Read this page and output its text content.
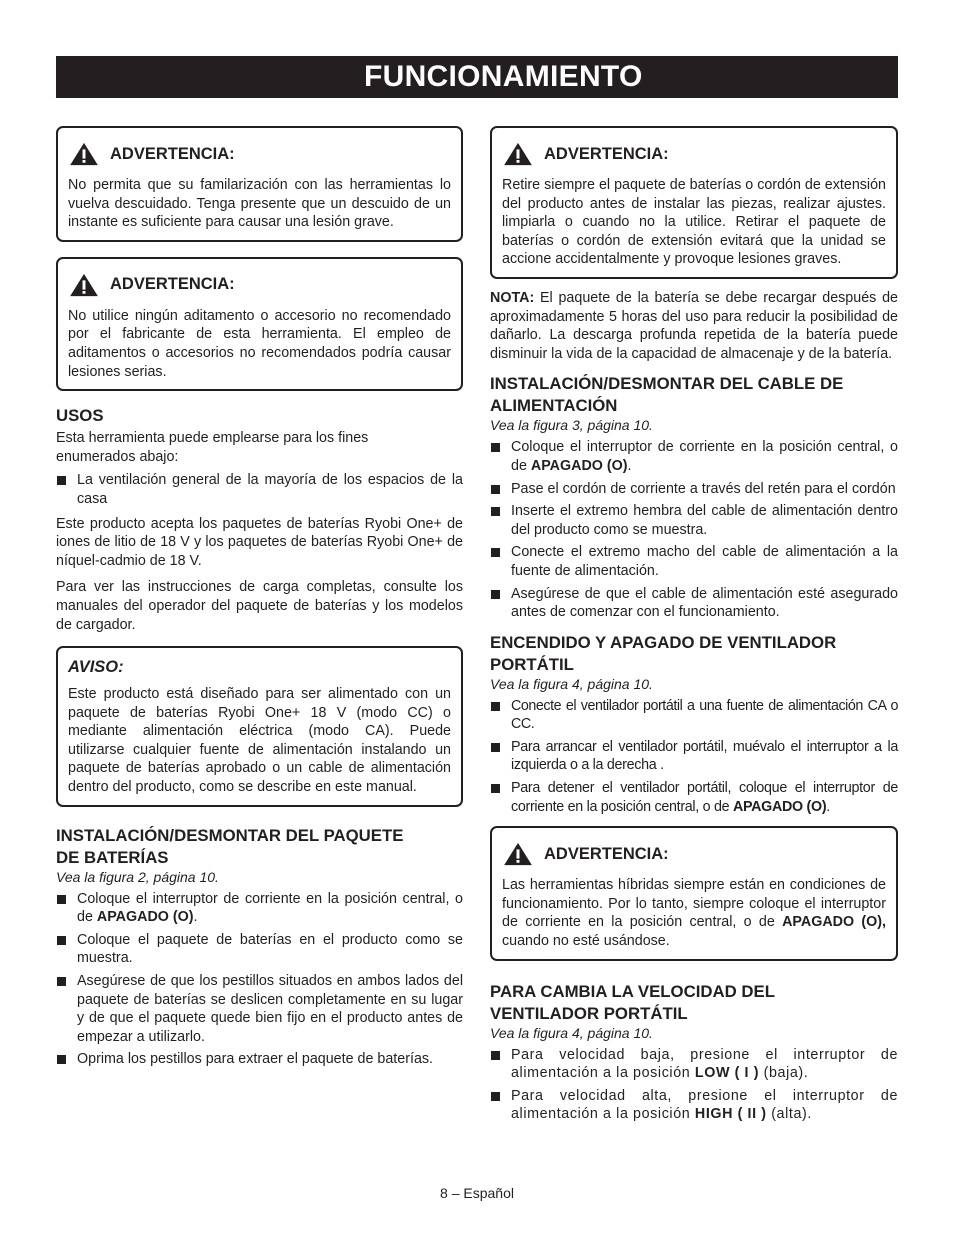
FUNCIONAMIENTO
ADVERTENCIA:

No permita que su familarización con las herramientas lo vuelva descuidado. Tenga presente que un descuido de un instante es suficiente para causar una lesión grave.

ADVERTENCIA:

No utilice ningún aditamento o accesorio no recomendado por el fabricante de esta herramienta. El empleo de aditamentos o accesorios no recomendados podría causar lesiones serias.

USOS

Esta herramienta puede emplearse para los fines enumerados abajo:

La ventilación general de la mayoría de los espacios de la casa

Este producto acepta los paquetes de baterías Ryobi One+ de iones de litio de 18 V y los paquetes de baterías Ryobi One+ de níquel-cadmio de 18 V.

Para ver las instrucciones de carga completas, consulte los manuales del operador del paquete de baterías y los modelos de cargador.

AVISO:

Este producto está diseñado para ser alimentado con un paquete de baterías Ryobi One+ 18 V (modo CC) o mediante alimentación eléctrica (modo CA). Puede utilizarse cualquier fuente de alimentación instalando un paquete de baterías aprobado o un cable de alimentación dentro del producto, como se describe en este manual.

INSTALACIÓN/DESMONTAR DEL PAQUETE
DE BATERÍAS
Vea la figura 2, página 10.
Coloque el interruptor de corriente en la posición central, o de APAGADO (O).
Coloque el paquete de baterías en el producto como se muestra.
Asegúrese de que los pestillos situados en ambos lados del paquete de baterías se deslicen completamente en su lugar y de que el paquete quede bien fijo en el producto antes de empezar a utilizarlo.
Oprima los pestillos para extraer el paquete de baterías.
ADVERTENCIA:

Retire siempre el paquete de baterías o cordón de extensión del producto antes de instalar las piezas, realizar ajustes. limpiarla o cuando no la utilice. Retirar el paquete de baterías o cordón de extensión evitará que la unidad se accione accidentalmente y provoque lesiones graves.

NOTA: El paquete de la batería se debe recargar después de aproximadamente 5 horas del uso para reducir la posibilidad de dañarlo. La descarga profunda repetida de la batería puede disminuir la vida de la capacidad de almacenaje y de la batería.

INSTALACIÓN/DESMONTAR DEL CABLE DE
ALIMENTACIÓN
Vea la figura 3, página 10.
Coloque el interruptor de corriente en la posición central, o de APAGADO (O).
Pase el cordón de corriente a través del retén para el cordón
Inserte el extremo hembra del cable de alimentación dentro del producto como se muestra.
Conecte el extremo macho del cable de alimentación a la fuente de alimentación.
Asegúrese de que el cable de alimentación esté asegurado antes de comenzar con el funcionamiento.
ENCENDIDO Y APAGADO DE VENTILADOR
PORTÁTIL
Vea la figura 4, página 10.
Conecte el ventilador portátil a una fuente de alimentación CA o CC.
Para arrancar el ventilador portátil, muévalo el interruptor a la izquierda o a la derecha .
Para detener el ventilador portátil, coloque el interruptor de corriente en la posición central, o de APAGADO (O).
ADVERTENCIA:

Las herramientas híbridas siempre están en condiciones de funcionamiento. Por lo tanto, siempre coloque el interruptor de corriente en la posición central, o de APAGADO (O), cuando no esté usándose.

PARA CAMBIA LA VELOCIDAD DEL
VENTILADOR PORTÁTIL
Vea la figura 4, página 10.
Para velocidad baja, presione el interruptor de alimentación a la posición LOW ( I ) (baja).
Para velocidad alta, presione el interruptor de alimentación a la posición HIGH ( II ) (alta).
8 – Español
